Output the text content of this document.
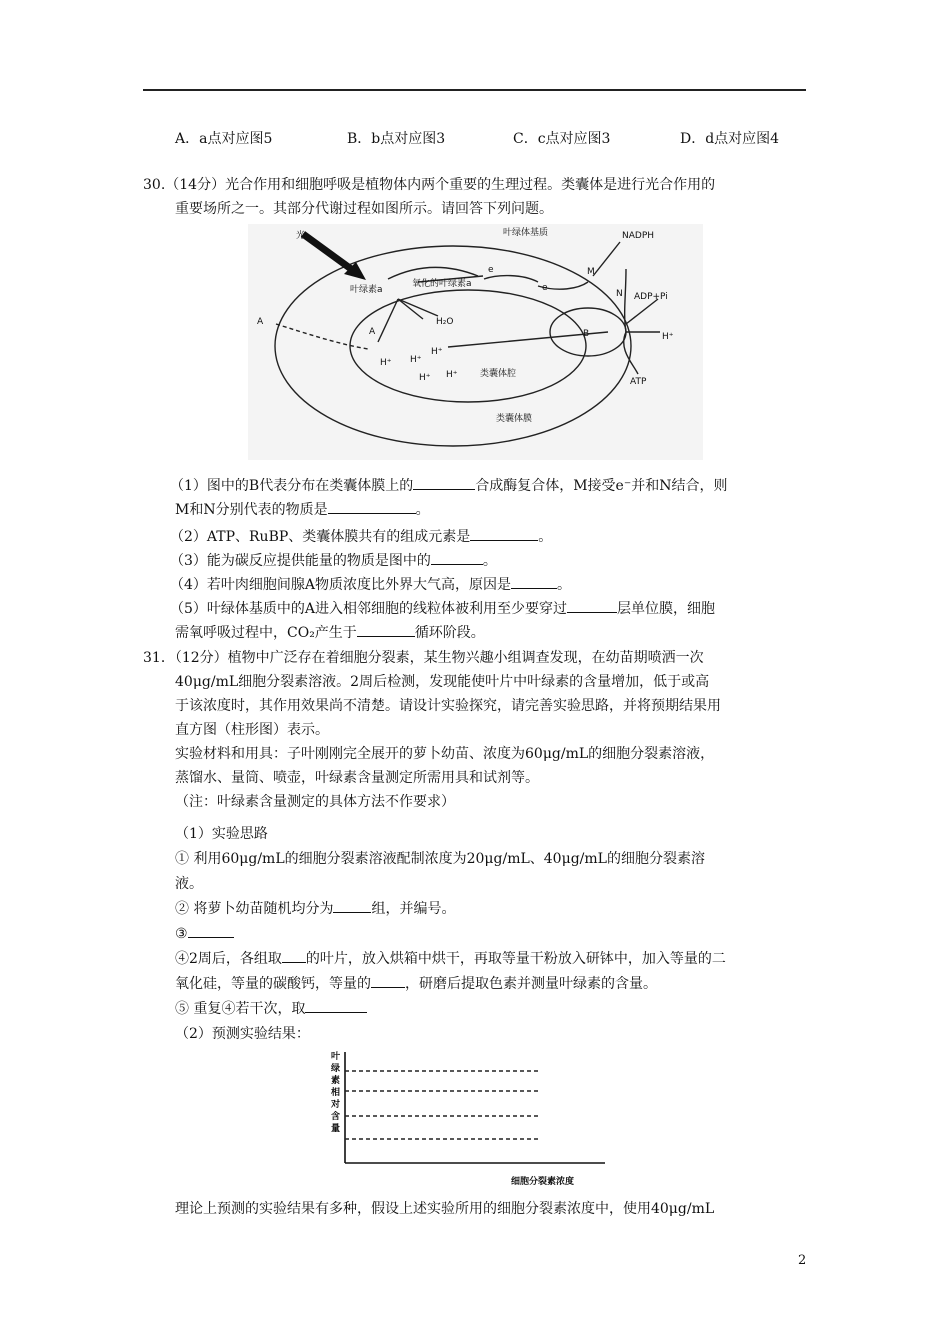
A．a点对应图5	B．b点对应图3	C．c点对应图3	D．d点对应图4
30.（14分）光合作用和细胞呼吸是植物体内两个重要的生理过程。类囊体是进行光合作用的
重要场所之一。其部分代谢过程如图所示。请回答下列问题。
光	叶绿体基质
叶绿素a
氧化的叶绿素a
e
e
NADPH
M
N ADP+Pi
A
A
H₂O
B	H⁺
H⁺ H⁺
H⁺
H⁺ H⁺ 类囊体腔
ATP
类囊体膜
（1）图中的B代表分布在类囊体膜上的	合成酶复合体，M接受e⁻并和N结合，则
M和N分别代表的物质是	。
（2）ATP、RuBP、类囊体膜共有的组成元素是	。
（3）能为碳反应提供能量的物质是图中的	。
（4）若叶肉细胞间腺A物质浓度比外界大气高，原因是	。
（5）叶绿体基质中的A进入相邻细胞的线粒体被利用至少要穿过	层单位膜，细胞
需氧呼吸过程中，CO₂产生于	循环阶段。
31．（12分）植物中广泛存在着细胞分裂素，某生物兴趣小组调查发现，在幼苗期喷洒一次
40μg/mL细胞分裂素溶液。2周后检测，发现能使叶片中叶绿素的含量增加，低于或高
于该浓度时，其作用效果尚不清楚。请设计实验探究，请完善实验思路，并将预期结果用
直方图（柱形图）表示。
实验材料和用具：子叶刚刚完全展开的萝卜幼苗、浓度为60μg/mL的细胞分裂素溶液，
蒸馏水、量筒、喷壶，叶绿素含量测定所需用具和试剂等。
（注：叶绿素含量测定的具体方法不作要求）
（1）实验思路
① 利用60μg/mL的细胞分裂素溶液配制浓度为20μg/mL、40μg/mL的细胞分裂素溶
液。
② 将萝卜幼苗随机均分为	组，并编号。
③
④2周后，各组取 的叶片，放入烘箱中烘干，再取等量干粉放入研钵中，加入等量的二
氧化硅，等量的碳酸钙，等量的 ，研磨后提取色素并测量叶绿素的含量。
⑤ 重复④若干次，取
（2）预测实验结果：
叶绿素相对含量
细胞分裂素浓度
理论上预测的实验结果有多种，假设上述实验所用的细胞分裂素浓度中，使用40μg/mL
2
